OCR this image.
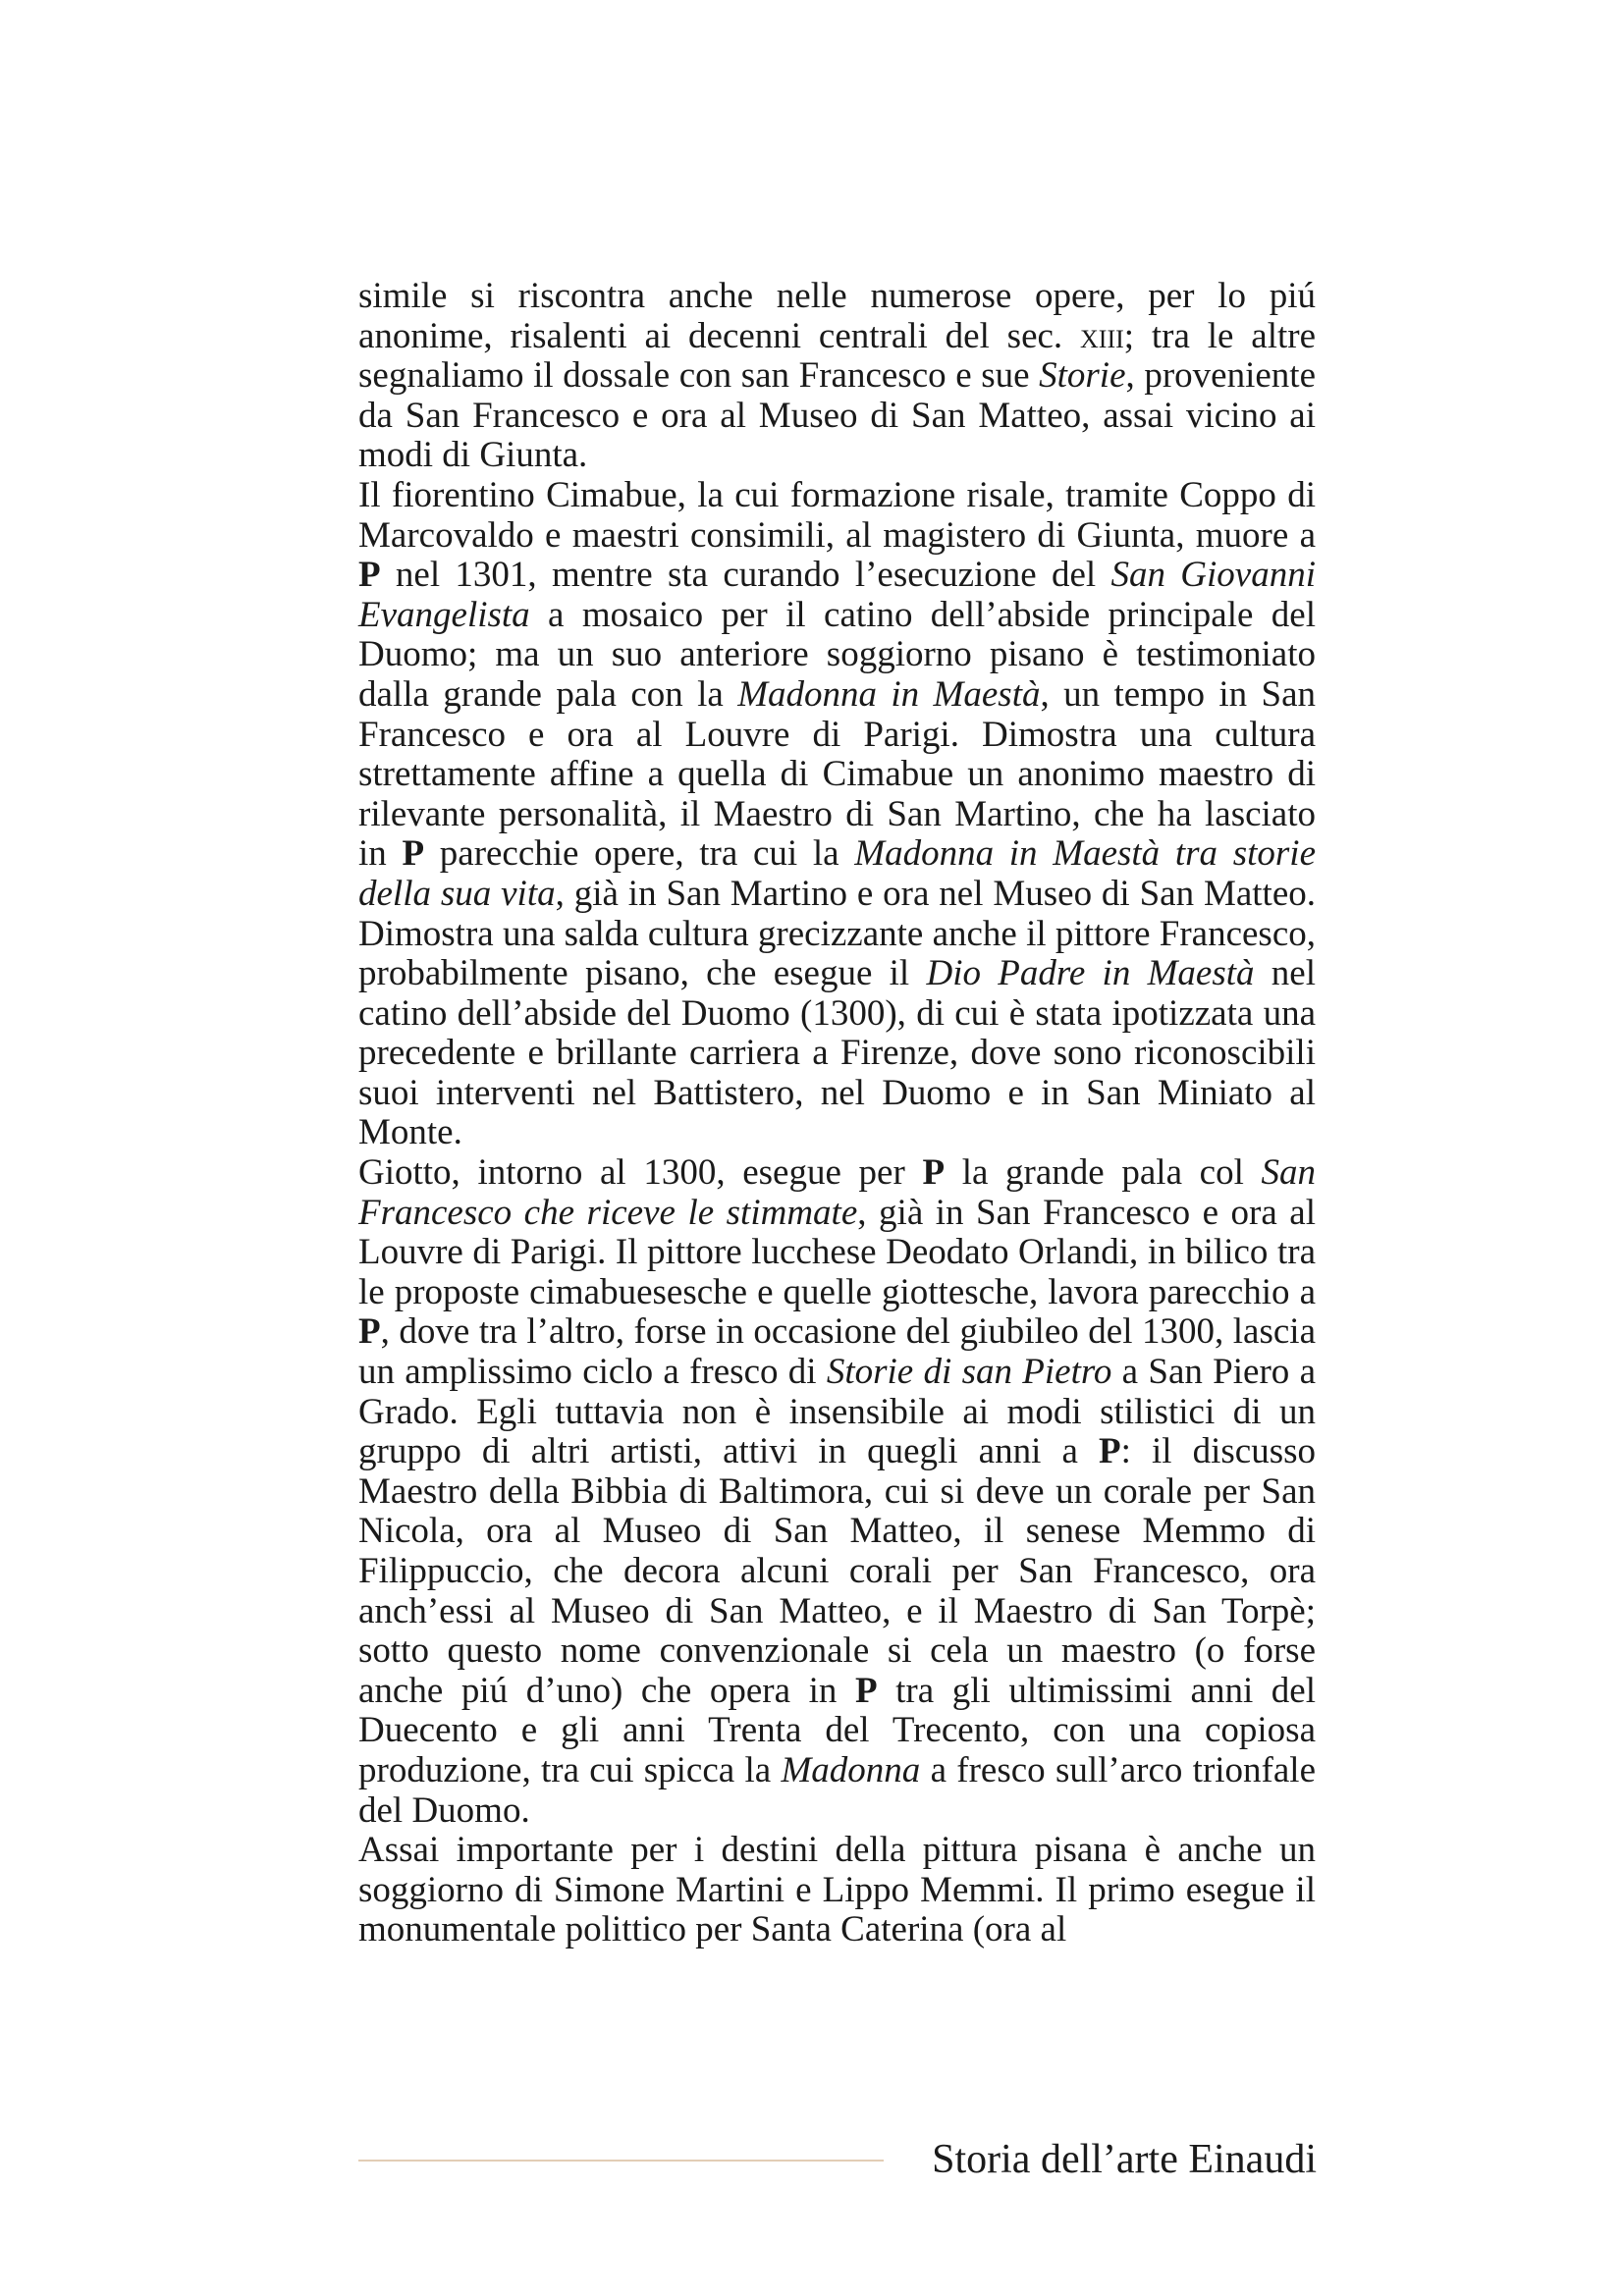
simile si riscontra anche nelle numerose opere, per lo piú anonime, risalenti ai decenni centrali del sec. xiii; tra le altre segnaliamo il dossale con san Francesco e sue Storie, proveniente da San Francesco e ora al Museo di San Matteo, assai vicino ai modi di Giunta.

Il fiorentino Cimabue, la cui formazione risale, tramite Coppo di Marcovaldo e maestri consimili, al magistero di Giunta, muore a P nel 1301, mentre sta curando l’esecuzione del San Giovanni Evangelista a mosaico per il catino dell’abside principale del Duomo; ma un suo anteriore soggiorno pisano è testimoniato dalla grande pala con la Madonna in Maestà, un tempo in San Francesco e ora al Louvre di Parigi. Dimostra una cultura strettamente affine a quella di Cimabue un anonimo maestro di rilevante personalità, il Maestro di San Martino, che ha lasciato in P parecchie opere, tra cui la Madonna in Maestà tra storie della sua vita, già in San Martino e ora nel Museo di San Matteo. Dimostra una salda cultura grecizzante anche il pittore Francesco, probabilmente pisano, che esegue il Dio Padre in Maestà nel catino dell’abside del Duomo (1300), di cui è stata ipotizzata una precedente e brillante carriera a Firenze, dove sono riconoscibili suoi interventi nel Battistero, nel Duomo e in San Miniato al Monte.

Giotto, intorno al 1300, esegue per P la grande pala col San Francesco che riceve le stimmate, già in San Francesco e ora al Louvre di Parigi. Il pittore lucchese Deodato Orlandi, in bilico tra le proposte cimabuesesche e quelle giottesche, lavora parecchio a P, dove tra l’altro, forse in occasione del giubileo del 1300, lascia un amplissimo ciclo a fresco di Storie di san Pietro a San Piero a Grado. Egli tuttavia non è insensibile ai modi stilistici di un gruppo di altri artisti, attivi in quegli anni a P: il discusso Maestro della Bibbia di Baltimora, cui si deve un corale per San Nicola, ora al Museo di San Matteo, il senese Memmo di Filippuccio, che decora alcuni corali per San Francesco, ora anch’essi al Museo di San Matteo, e il Maestro di San Torpè; sotto questo nome convenzionale si cela un maestro (o forse anche piú d’uno) che opera in P tra gli ultimissimi anni del Duecento e gli anni Trenta del Trecento, con una copiosa produzione, tra cui spicca la Madonna a fresco sull’arco trionfale del Duomo.

Assai importante per i destini della pittura pisana è anche un soggiorno di Simone Martini e Lippo Memmi. Il primo esegue il monumentale polittico per Santa Caterina (ora al

Storia dell’arte Einaudi
